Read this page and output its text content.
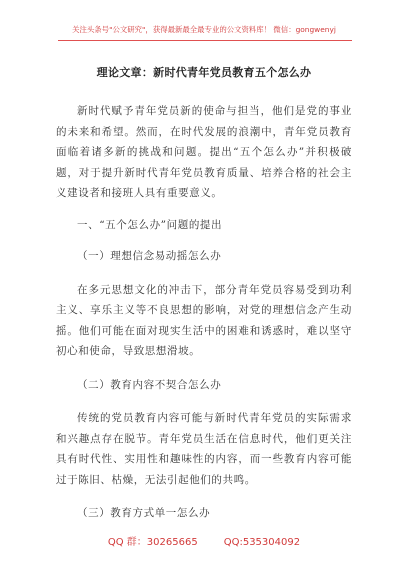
关注头条号"公文研究"，获得最新最全最专业的公文资料库！ 微信：gongwenyj

理论文章：新时代青年党员教育五个怎么办

新时代赋予青年党员新的使命与担当，他们是党的事业的未来和希望。然而，在时代发展的浪潮中，青年党员教育面临着诸多新的挑战和问题。提出“五个怎么办”并积极破题，对于提升新时代青年党员教育质量、培养合格的社会主义建设者和接班人具有重要意义。

一、“五个怎么办”问题的提出

（一）理想信念易动摇怎么办

在多元思想文化的冲击下，部分青年党员容易受到功利主义、享乐主义等不良思想的影响，对党的理想信念产生动摇。他们可能在面对现实生活中的困难和诱惑时，难以坚守初心和使命，导致思想滑坡。

（二）教育内容不契合怎么办

传统的党员教育内容可能与新时代青年党员的实际需求和兴趣点存在脱节。青年党员生活在信息时代，他们更关注具有时代性、实用性和趣味性的内容，而一些教育内容可能过于陈旧、枯燥，无法引起他们的共鸣。

（三）教育方式单一怎么办

QQ 群：30265665	QQ:535304092
